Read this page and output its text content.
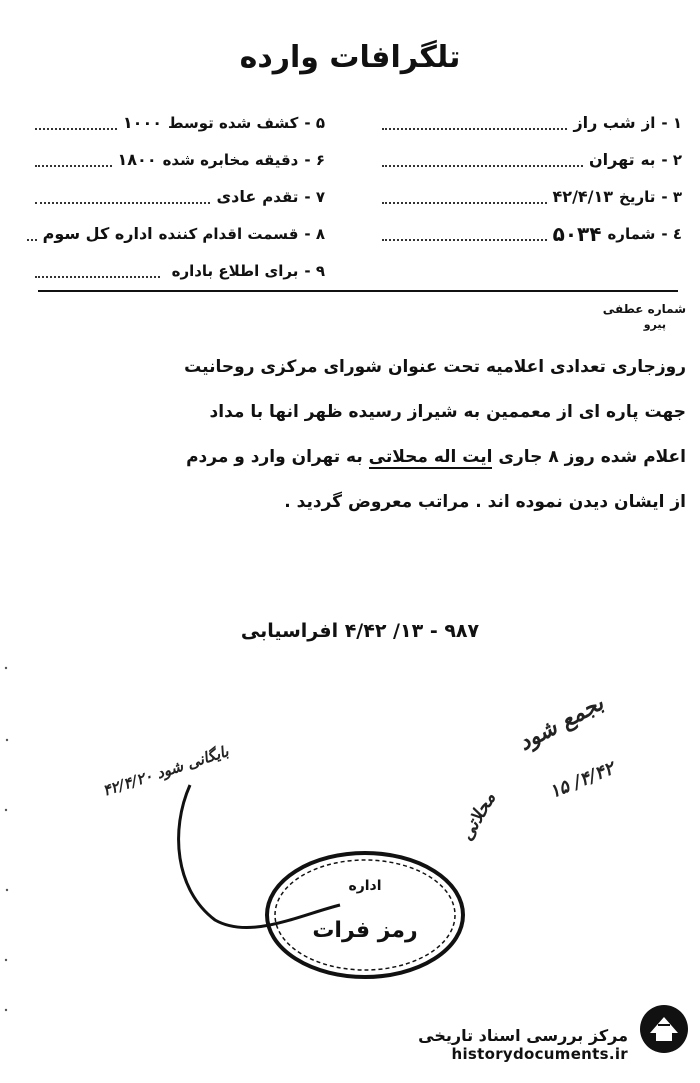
تلگرافات وارده
۱ -
از
شب راز
۲ -
به
تهران
۳ -
تاریخ
۴۲/۴/۱۳
٤ -
شماره
۵۰۳۴
۵ -
کشف شده توسط
۱۰۰۰
۶ -
دقیقه مخابره شده
۱۸۰۰
۷ -
تقدم
عادی
۸ -
قسمت اقدام کننده
اداره کل سوم
۹ -
برای اطلاع باداره
شماره عطفی
پیرو
روزجاری تعدادی اعلامیه تحت عنوان شورای مرکزی روحانیت
جهت پاره ای از معممین به شیراز رسیده ظهر انها با مداد
اعلام شده روز ۸ جاری ایت اله محلاتی به تهران وارد و مردم
از ایشان دیدن نموده اند . مراتب معروض گردید .
۹۸۷ - ۱۳/ ۴/۴۲ افراسیابی
بجمع شود
۱۵ /۴/۴۲
محلاتی
بایگانی شود ۴۲/۴/۲۰
اداره
رمز فرات
مرکز بررسی اسناد تاریخی
historydocuments.ir
